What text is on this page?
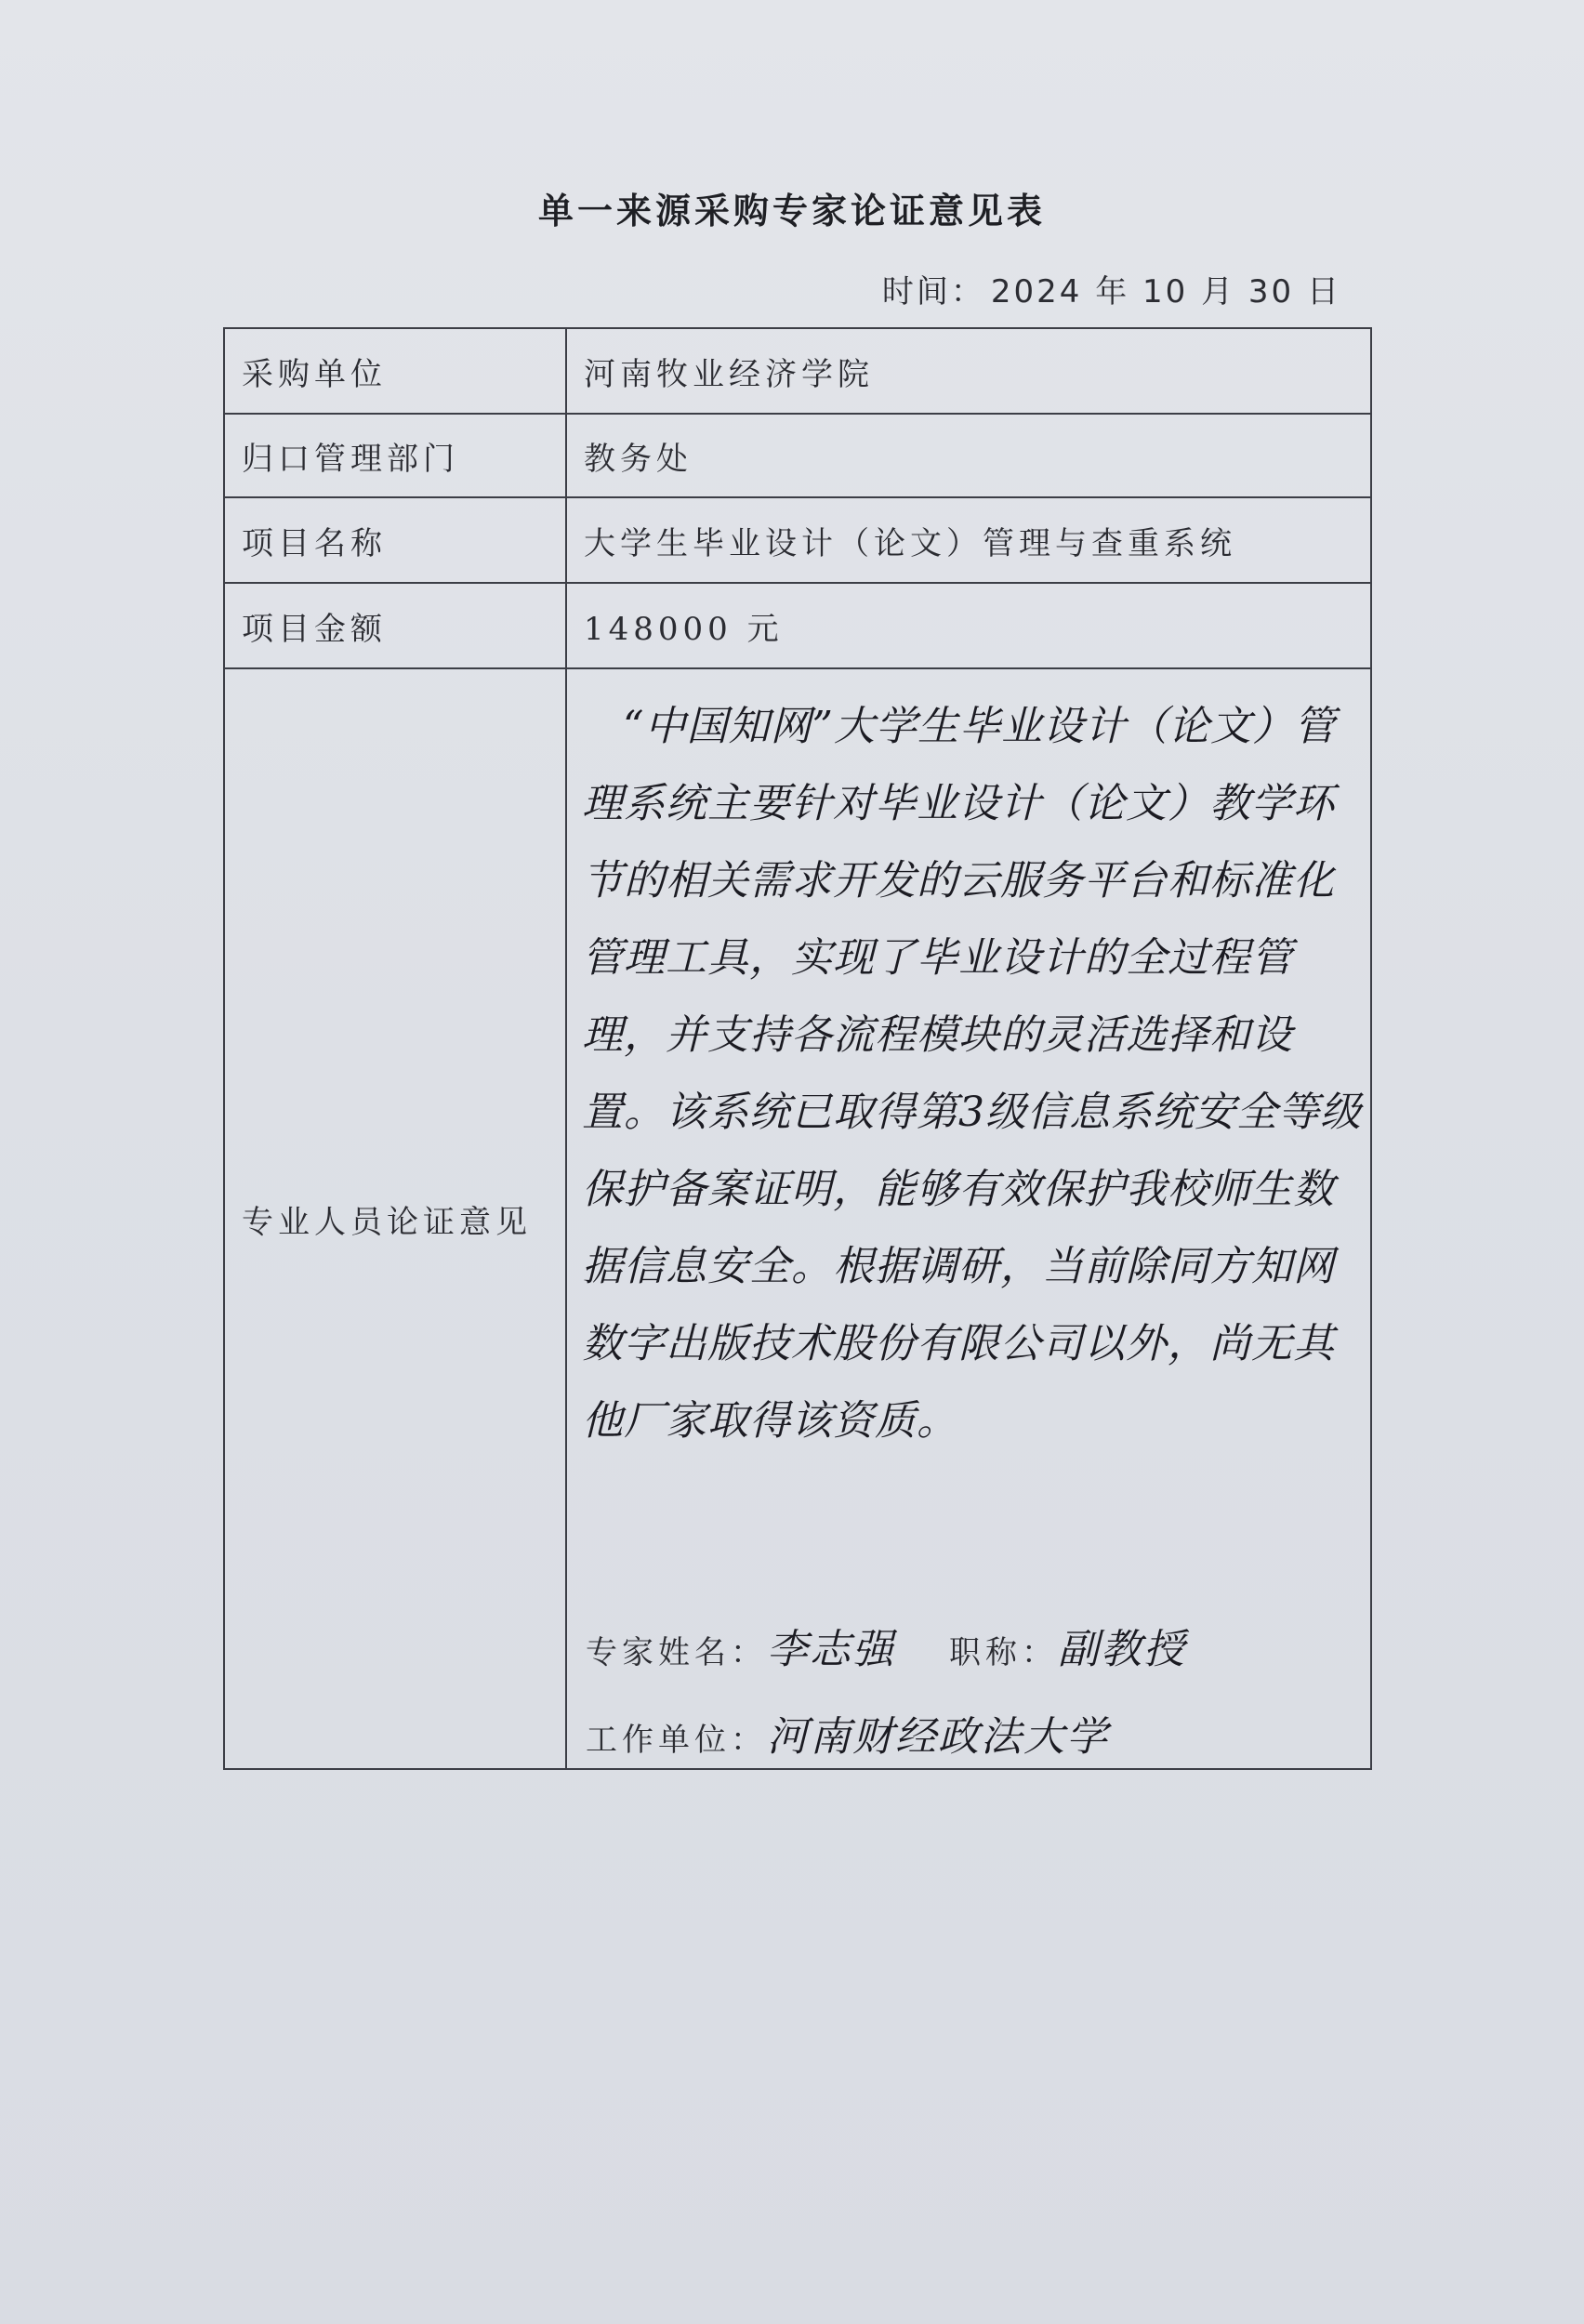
单一来源采购专家论证意见表
时间： 2024 年 10 月 30 日
采购单位	河南牧业经济学院
归口管理部门	教务处
项目名称	大学生毕业设计（论文）管理与查重系统
项目金额	148000 元
专业人员论证意见	“中国知网”大学生毕业设计（论文）管理系统主要针对毕业设计（论文）教学环节的相关需求开发的云服务平台和标准化管理工具，实现了毕业设计的全过程管理，并支持各流程模块的灵活选择和设置。该系统已取得第3级信息系统安全等级保护备案证明，能够有效保护我校师生数据信息安全。根据调研，当前除同方知网数字出版技术股份有限公司以外，尚无其他厂家取得该资质。
专家姓名：李志强 职称：副教授
工作单位：河南财经政法大学
